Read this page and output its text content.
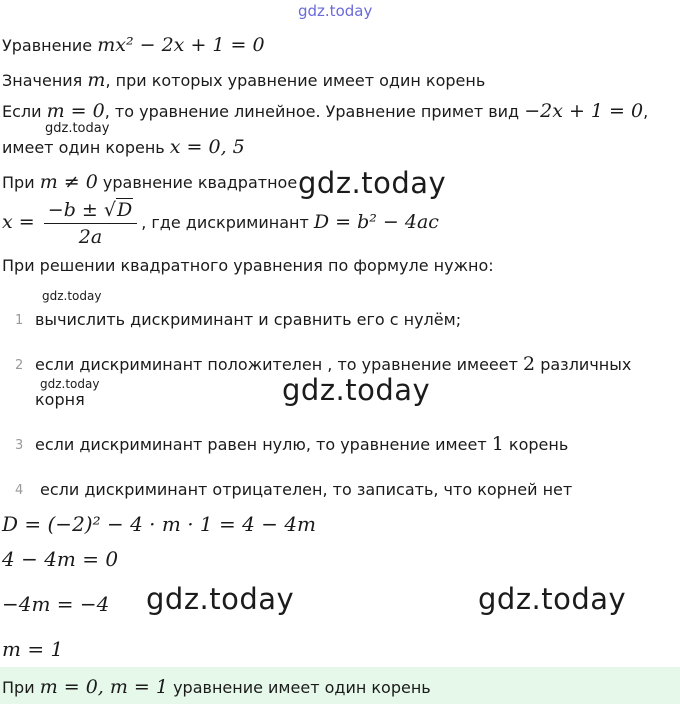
gdz.today
gdz.today
gdz.today
gdz.today
gdz.today	gdz.today
gdz.today	gdz.today
Уравнение mx² − 2x + 1 = 0
Значения m, при которых уравнение имеет один корень
Если m = 0, то уравнение линейное. Уравнение примет вид −2x + 1 = 0,
имеет один корень x = 0, 5
При m ≠ 0 уравнение квадратное
$x = \frac{-b \pm √D}{2a}$ , где дискриминант D = b² − 4ac
При решении квадратного уравнения по формуле нужно:
1 вычислить дискриминант и сравнить его с нулём;
2 если дискриминант положителен , то уравнение имееет 2 различных
корня
3 если дискриминант равен нулю, то уравнение имеет 1 корень
4 если дискриминант отрицателен, то записать, что корней нет
D = (−2)² − 4 · m · 1 = 4 − 4m
4 − 4m = 0
−4m = −4
m = 1
При m = 0, m = 1 уравнение имеет один корень
